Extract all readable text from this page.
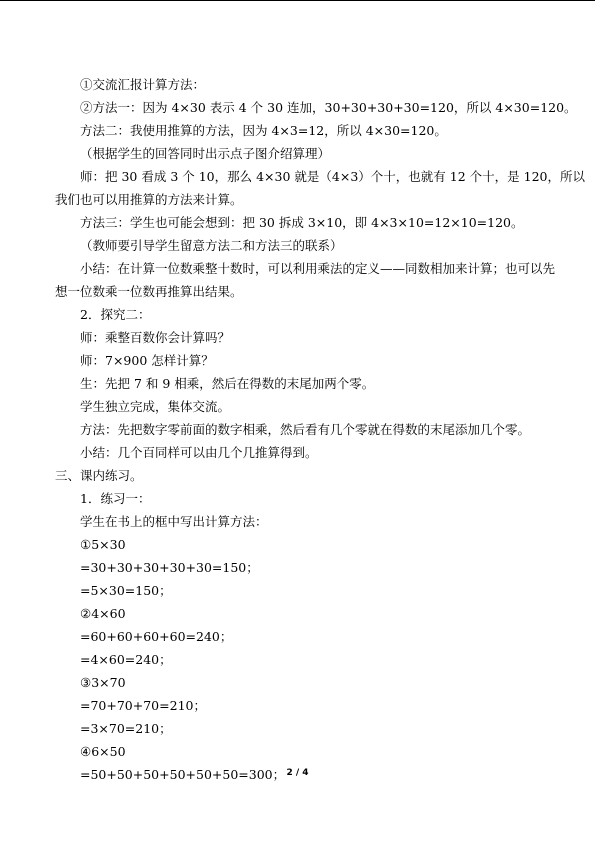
①交流汇报计算方法：
②方法一：因为 4×30 表示 4 个 30 连加，30+30+30+30=120，所以 4×30=120。
方法二：我使用推算的方法，因为 4×3=12，所以 4×30=120。
（根据学生的回答同时出示点子图介绍算理）
师：把 30 看成 3 个 10，那么 4×30 就是（4×3）个十，也就有 12 个十，是 120，所以
我们也可以用推算的方法来计算。
方法三：学生也可能会想到：把 30 拆成 3×10，即 4×3×10=12×10=120。
（教师要引导学生留意方法二和方法三的联系）
小结：在计算一位数乘整十数时，可以利用乘法的定义——同数相加来计算；也可以先
想一位数乘一位数再推算出结果。
2．探究二：
师：乘整百数你会计算吗？
师：7×900 怎样计算？
生：先把 7 和 9 相乘，然后在得数的末尾加两个零。
学生独立完成，集体交流。
方法：先把数字零前面的数字相乘，然后看有几个零就在得数的末尾添加几个零。
小结：几个百同样可以由几个几推算得到。
三、课内练习。
1．练习一：
学生在书上的框中写出计算方法：
①5×30
=30+30+30+30+30=150；
=5×30=150；
②4×60
=60+60+60+60=240；
=4×60=240；
③3×70
=70+70+70=210；
=3×70=210；
④6×50
=50+50+50+50+50+50=300； 2 / 4
